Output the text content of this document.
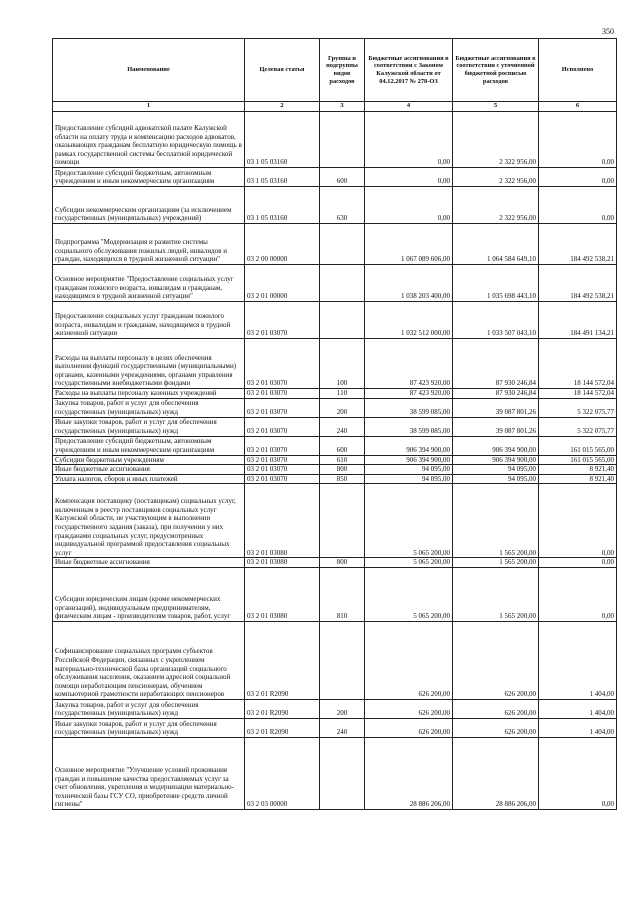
350
Наименование	Целевая статья	Группы и подгруппы видов расходов	Бюджетные ассигнования в соответствии с Законом Калужской области от 04.12.2017 № 278-ОЗ	Бюджетные ассигнования в соответствии с уточненной бюджетной росписью расходов	Исполнено
1	2	3	4	5	6
Предоставление субсидий адвокатской палате Калужской области на оплату труда и компенсацию расходов адвокатов, оказывающих гражданам бесплатную юридическую помощь в рамках государственной системы бесплатной юридической помощи	03 1 05 03160		0,00	2 322 956,00	0,00
Предоставление субсидий бюджетным, автономным учреждениям и иным некоммерческим организациям	03 1 05 03160	600	0,00	2 322 956,00	0,00
Субсидии некоммерческим организациям (за исключением государственных (муниципальных) учреждений)	03 1 05 03160	630	0,00	2 322 956,00	0,00
Подпрограмма "Модернизация и развитие системы социального обслуживания пожилых людей, инвалидов и граждан, находящихся в трудной жизненной ситуации"	03 2 00 00000		1 067 089 606,00	1 064 584 649,10	184 492 538,21
Основное мероприятие "Предоставление социальных услуг гражданам пожилого возраста, инвалидам и гражданам, находящимся в трудной жизненной ситуации"	03 2 01 00000		1 038 203 400,00	1 035 698 443,10	184 492 538,21
Предоставление социальных услуг гражданам пожилого возраста, инвалидам и гражданам, находящимся в трудной жизненной ситуации	03 2 01 03070		1 032 512 000,00	1 033 507 043,10	184 491 134,21
Расходы на выплаты персоналу в целях обеспечения выполнения функций государственными (муниципальными) органами, казенными учреждениями, органами управления государственными внебюджетными фондами	03 2 01 03070	100	87 423 920,00	87 930 246,84	18 144 572,04
Расходы на выплаты персоналу казенных учреждений	03 2 01 03070	110	87 423 920,00	87 930 246,84	18 144 572,04
Закупка товаров, работ и услуг для обеспечения государственных (муниципальных) нужд	03 2 01 03070	200	38 599 085,00	39 087 801,26	5 322 075,77
Иные закупки товаров, работ и услуг для обеспечения государственных (муниципальных) нужд	03 2 01 03070	240	38 599 085,00	39 087 801,26	5 322 075,77
Предоставление субсидий бюджетным, автономным учреждениям и иным некоммерческим организациям	03 2 01 03070	600	906 394 900,00	906 394 900,00	161 015 565,00
Субсидии бюджетным учреждениям	03 2 01 03070	610	906 394 900,00	906 394 900,00	161 015 565,00
Иные бюджетные ассигнования	03 2 01 03070	800	94 095,00	94 095,00	8 921,40
Уплата налогов, сборов и иных платежей	03 2 01 03070	850	94 095,00	94 095,00	8 921,40
Компенсация поставщику (поставщикам) социальных услуг, включенным в реестр поставщиков социальных услуг Калужской области, не участвующим в выполнении государственного задания (заказа), при получении у них гражданами социальных услуг, предусмотренных индивидуальной программой предоставления социальных услуг	03 2 01 03080		5 065 200,00	1 565 200,00	0,00
Иные бюджетные ассигнования	03 2 01 03080	800	5 065 200,00	1 565 200,00	0,00
Субсидии юридическим лицам (кроме некоммерческих организаций), индивидуальным предпринимателям, физическим лицам - производителям товаров, работ, услуг	03 2 01 03080	810	5 065 200,00	1 565 200,00	0,00
Софинансирование социальных программ субъектов Российской Федерации, связанных с укреплением материально-технической базы организаций социального обслуживания населения, оказанием адресной социальной помощи неработающим пенсионерам, обучением компьютерной грамотности неработающих пенсионеров	03 2 01 R2090		626 200,00	626 200,00	1 404,00
Закупка товаров, работ и услуг для обеспечения государственных (муниципальных) нужд	03 2 01 R2090	200	626 200,00	626 200,00	1 404,00
Иные закупки товаров, работ и услуг для обеспечения государственных (муниципальных) нужд	03 2 01 R2090	240	626 200,00	626 200,00	1 404,00
Основное мероприятие "Улучшение условий проживания граждан и повышение качества предоставляемых услуг за счет обновления, укрепления и модернизации материально-технической базы ГСУ СО, приобретение средств личной гигиены"	03 2 03 00000		28 886 206,00	28 886 206,00	0,00
